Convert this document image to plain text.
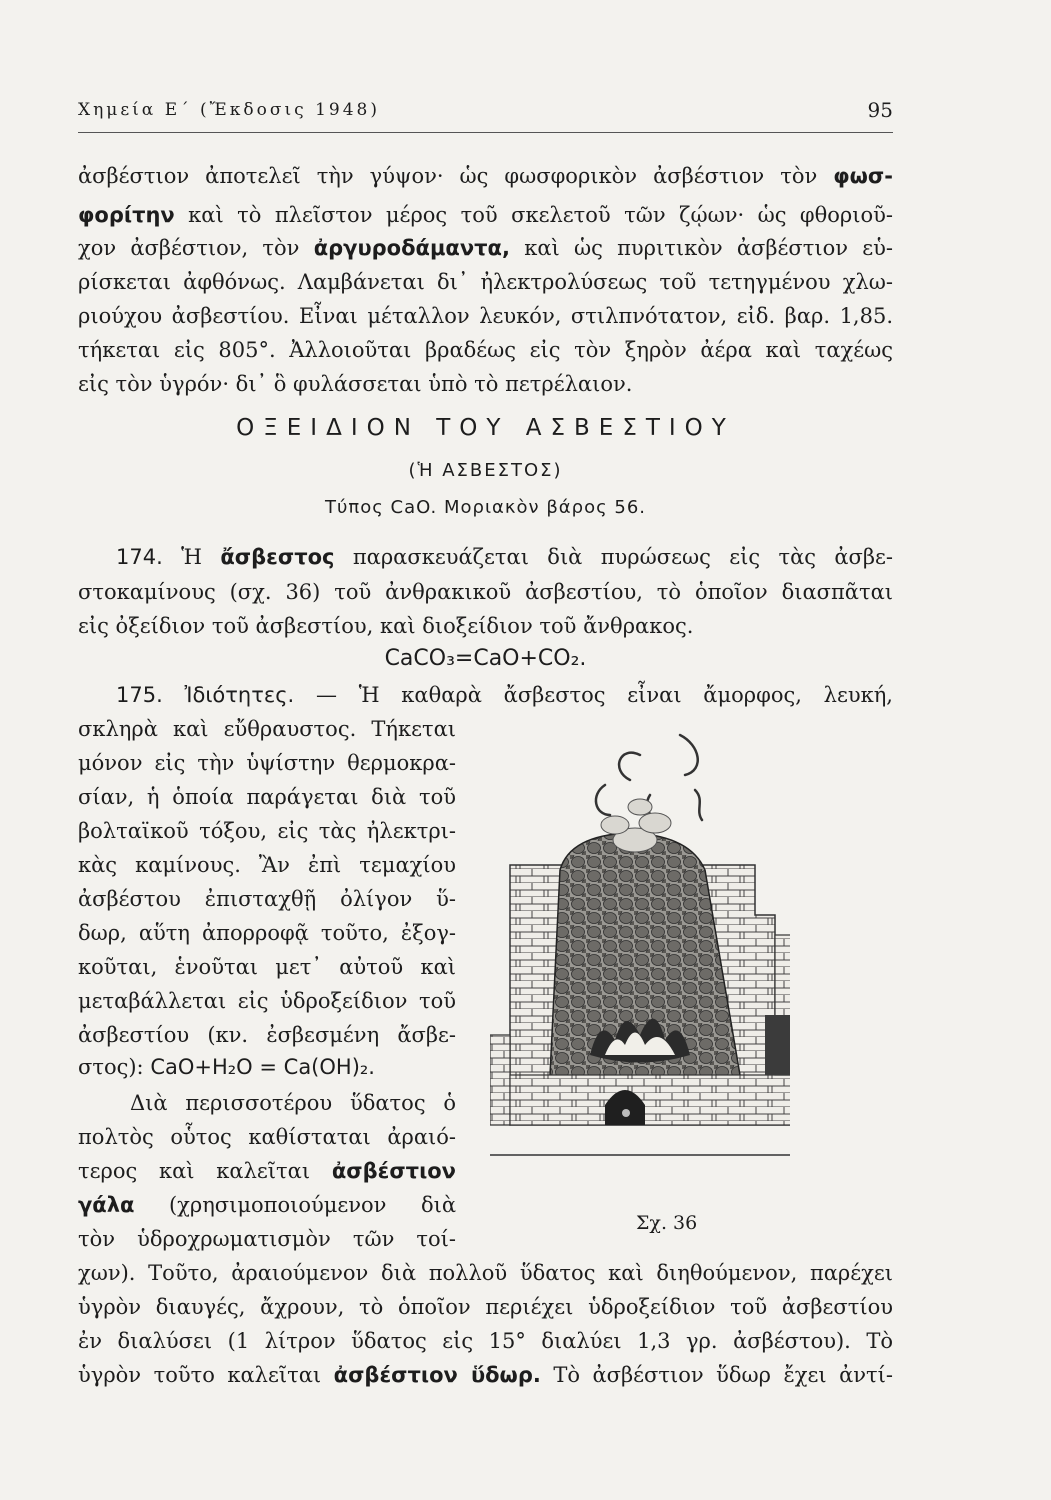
Χημεία Ε΄ (Ἔκδοσις 1948)	95
ἀσβέστιον ἀποτελεῖ τὴν γύψον· ὡς φωσφορικὸν ἀσβέστιον τὸν φωσ-
φορίτην καὶ τὸ πλεῖστον μέρος τοῦ σκελετοῦ τῶν ζῴων· ὡς φθοριοῦ-
χον ἀσβέστιον, τὸν ἀργυροδάμαντα, καὶ ὡς πυριτικὸν ἀσβέστιον εὑ-
ρίσκεται ἀφθόνως. Λαμβάνεται δι᾽ ἠλεκτρολύσεως τοῦ τετηγμένου χλω-
ριούχου ἀσβεστίου. Εἶναι μέταλλον λευκόν, στιλπνότατον, εἰδ. βαρ. 1,85.
τήκεται εἰς 805°. Ἀλλοιοῦται βραδέως εἰς τὸν ξηρὸν ἀέρα καὶ ταχέως
εἰς τὸν ὑγρόν· δι᾽ ὃ φυλάσσεται ὑπὸ τὸ πετρέλαιον.
ΟΞΕΙΔΙΟΝ ΤΟΥ ΑΣΒΕΣΤΙΟΥ
(Ἡ ΑΣΒΕΣΤΟΣ)
Τύπος CaO. Μοριακὸν βάρος 56.
174. Ἡ ἄσβεστος παρασκευάζεται διὰ πυρώσεως εἰς τὰς ἀσβε-
στοκαμίνους (σχ. 36) τοῦ ἀνθρακικοῦ ἀσβεστίου, τὸ ὁποῖον διασπᾶται
εἰς ὀξείδιον τοῦ ἀσβεστίου, καὶ διοξείδιον τοῦ ἄνθρακος.
CaCO₃=CaO+CO₂.
175. Ἰδιότητες. — Ἡ καθαρὰ ἄσβεστος εἶναι ἄμορφος, λευκή,
σκληρὰ καὶ εὔθραυστος. Τήκεται
μόνον εἰς τὴν ὑψίστην θερμοκρα-
σίαν, ἡ ὁποία παράγεται διὰ τοῦ
βολταϊκοῦ τόξου, εἰς τὰς ἠλεκτρι-
κὰς καμίνους. Ἂν ἐπὶ τεμαχίου
ἀσβέστου ἐπισταχθῇ ὀλίγον ὕ-
δωρ, αὕτη ἀπορροφᾷ τοῦτο, ἐξογ-
κοῦται, ἑνοῦται μετ᾽ αὐτοῦ καὶ
μεταβάλλεται εἰς ὑδροξείδιον τοῦ
ἀσβεστίου (κν. ἐσβεσμένη ἄσβε-
στος): CaO+H₂O = Ca(OH)₂.
Διὰ περισσοτέρου ὕδατος ὁ
πολτὸς οὗτος καθίσταται ἀραιό-
τερος καὶ καλεῖται ἀσβέστιον
γάλα (χρησιμοποιούμενον διὰ
τὸν ὑδροχρωματισμὸν τῶν τοί-
χων). Τοῦτο, ἀραιούμενον διὰ πολλοῦ ὕδατος καὶ διηθούμενον, παρέχει
ὑγρὸν διαυγές, ἄχρουν, τὸ ὁποῖον περιέχει ὑδροξείδιον τοῦ ἀσβεστίου
ἐν διαλύσει (1 λίτρον ὕδατος εἰς 15° διαλύει 1,3 γρ. ἀσβέστου). Τὸ
ὑγρὸν τοῦτο καλεῖται ἀσβέστιον ὕδωρ. Τὸ ἀσβέστιον ὕδωρ ἔχει ἀντί-
Σχ. 36
